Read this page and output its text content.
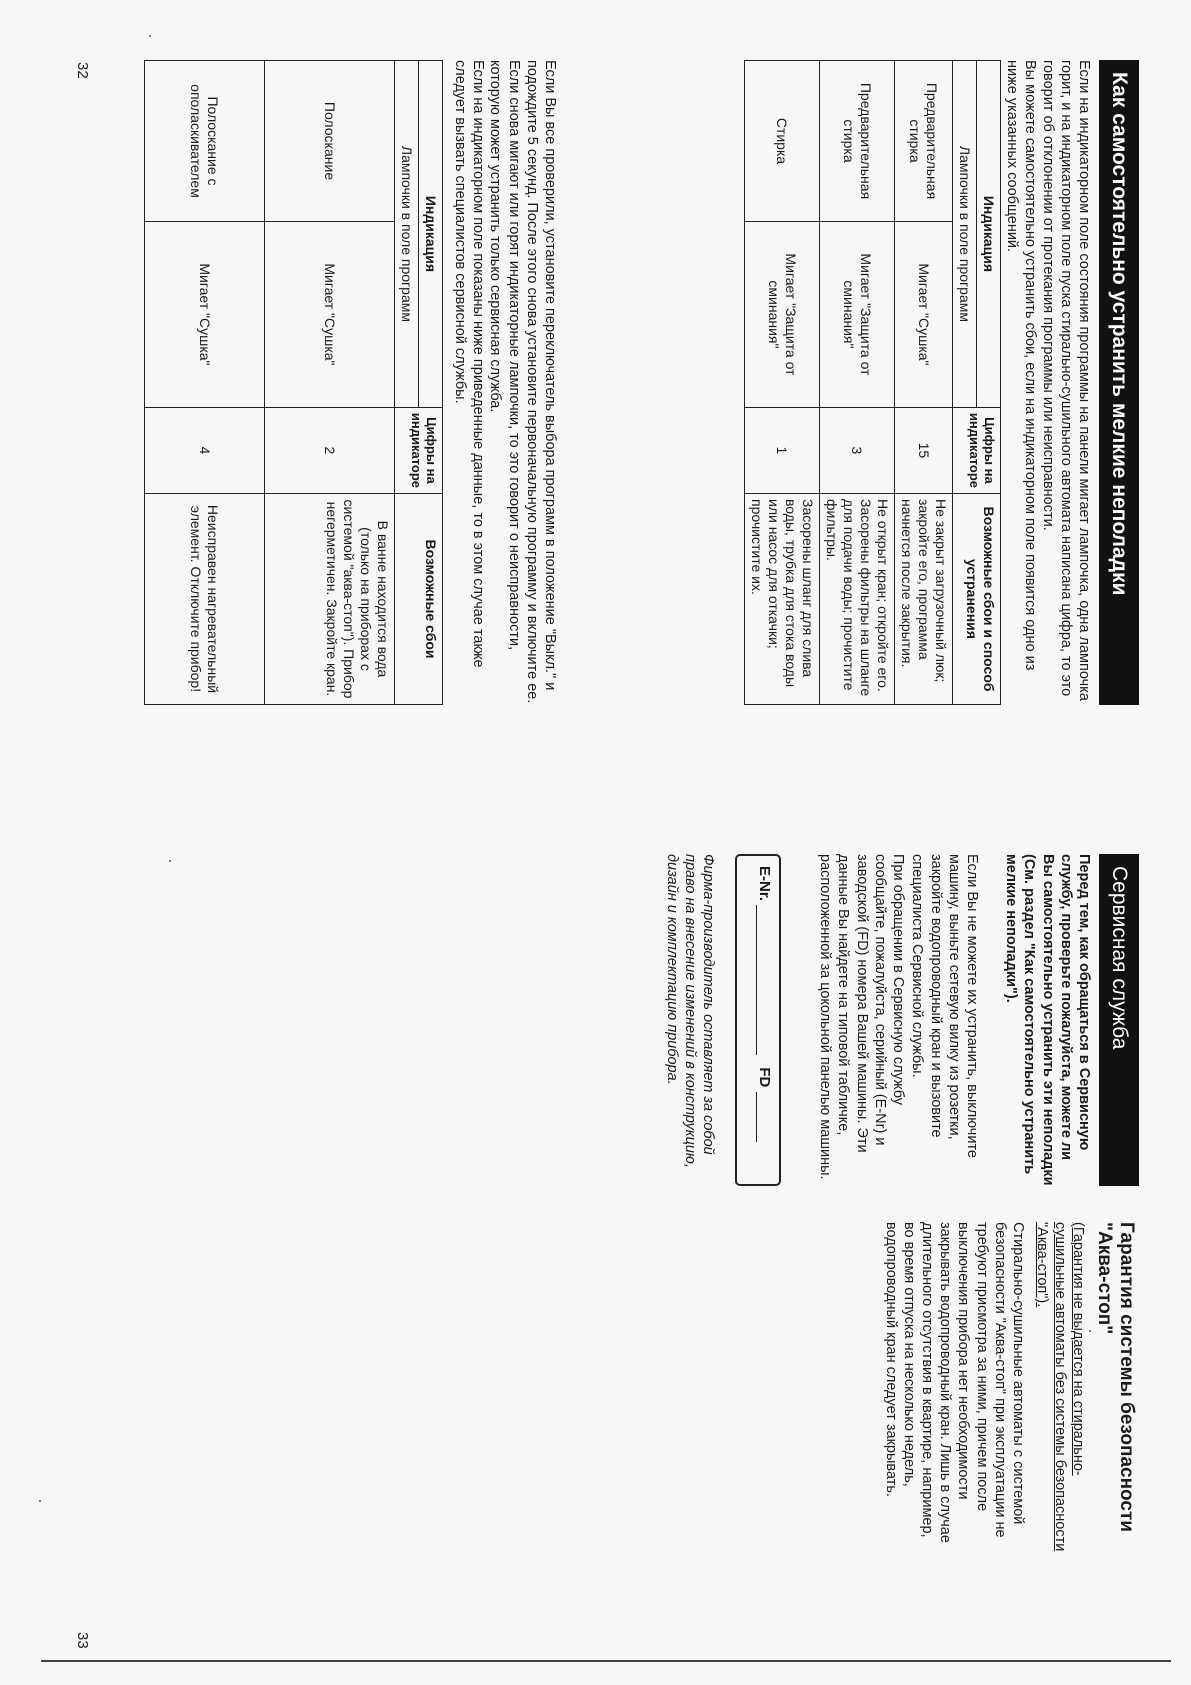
Как самостоятельно устранить мелкие неполадки

Если на индикаторном поле состояния программы на панели мигает лампочка, одна лампочка горит, и на индикаторном поле пуска стирально-сушильного автомата написана цифра, то это говорит об отклонении от протекания программы или неисправности.

Вы можете самостоятельно устранить сбои, если на индикаторном поле появится одно из ниже указанных сообщений.

Индикация		Цифры на индикаторе	Возможные сбои и способ устранения
Лампочки в поле программ			
Предварительная стирка	Мигает "Сушка"	15	Не закрыт загрузочный люк; закройте его, программа начнется после закрытия.
Предварительная стирка	Мигает "Защита от сминания"	3	Не открыт кран; откройте его. Засорены фильтры на шланге для подачи воды; прочистите фильтры.
Стирка	Мигает "Защита от сминания"	1	Засорены шланг для слива воды, трубка для стока воды или насос для откачки; прочистите их.

Если Вы все проверили, установите переключатель выбора программ в положение "Выкл." и подождите 5 секунд. После этого снова установите первоначальную программу и включите ее. Если снова мигают или горят индикаторные лампочки, то это говорит о неисправности, которую может устранить только сервисная служба.

Если на индикаторном поле показаны ниже приведенные данные, то в этом случае также следует вызвать специалистов сервисной службы.

Индикация		Цифры на индикаторе	Возможные сбои
Лампочки в поле программ			
Полоскание	Мигает "Сушка"	2	В ванне находится вода (только на приборах с системой "аква-стоп"). Прибор негерметичен. Закройте кран.
Полоскание с ополаскивателем	Мигает "Сушка"	4	Неисправен нагревательный элемент. Отключите прибор!
32
Сервисная служба

Перед тем, как обращаться в Сервисную службу, проверьте пожалуйста, можете ли Вы самостоятельно устранить эти неполадки (См. раздел "Как самостоятельно устранить мелкие неполадки").

Если Вы не можете их устранить, выключите машину, выньте сетевую вилку из розетки, закройте водопроводный кран и вызовите специалиста Сервисной службы.

При обращении в Сервисную службу сообщайте, пожалуйста, серийный (E-Nr) и заводской (FD) номера Вашей машины. Эти данные Вы найдете на типовой табличке, расположенной за цокольной панелью машины.

E-Nr.  FD

Фирма-производитель оставляет за собой право на внесение изменений в конструкцию, дизайн и комплектацию прибора.

Гарантия системы безопасности "Аква-стоп"

(Гарантия не выдается на стирально-сушильные автоматы без системы безопасности "Аква-стоп").

Стирально-сушильные автоматы с системой безопасности "Аква-стоп" при эксплуатации не требуют присмотра за ними, причем после выключения прибора нет необходимости закрывать водопроводный кран. Лишь в случае длительного отсутствия в квартире, например, во время отпуска на несколько недель, водопроводный кран следует закрывать.

33
